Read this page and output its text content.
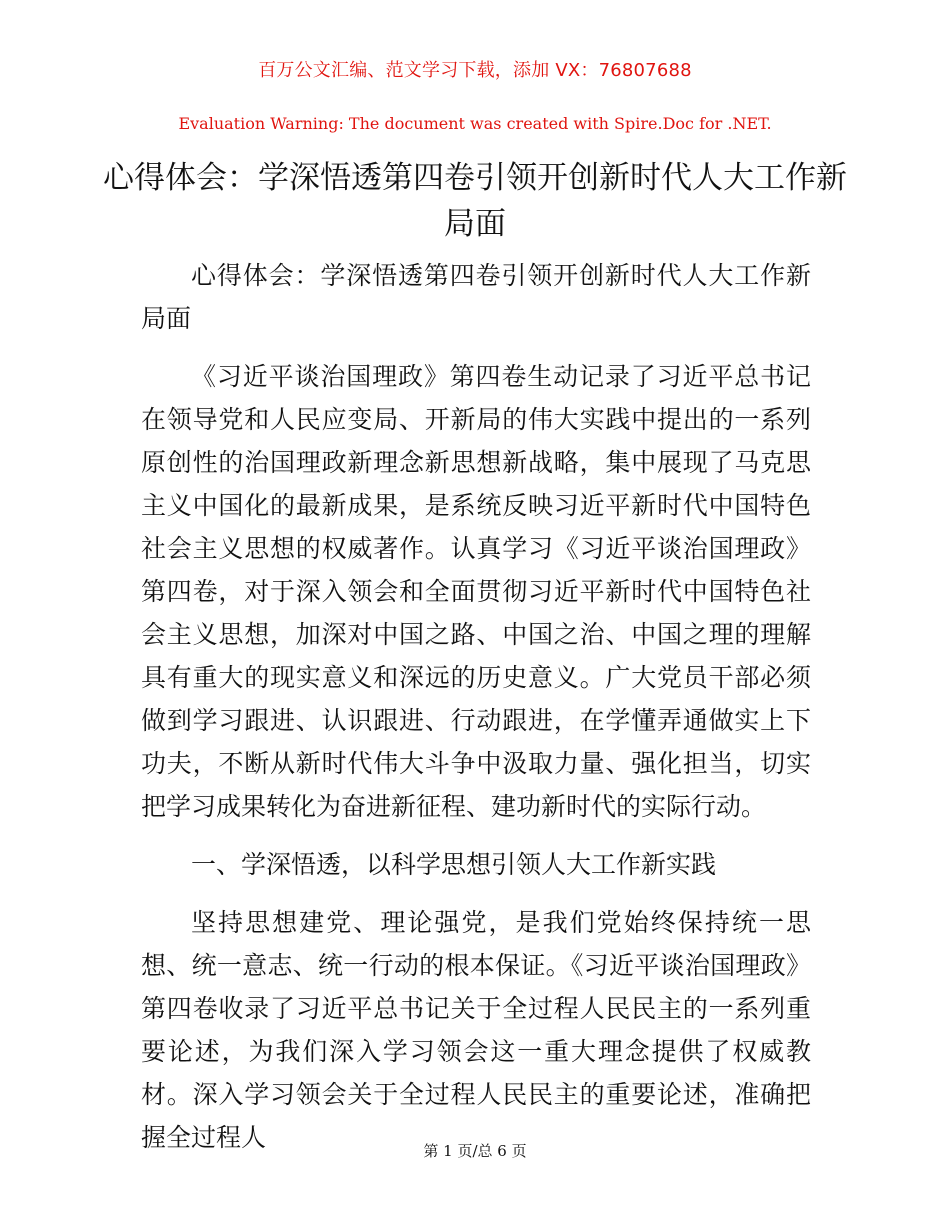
百万公文汇编、范文学习下载，添加 VX：76807688
Evaluation Warning: The document was created with Spire.Doc for .NET.
心得体会：学深悟透第四卷引领开创新时代人大工作新局面

心得体会：学深悟透第四卷引领开创新时代人大工作新局面

《习近平谈治国理政》第四卷生动记录了习近平总书记在领导党和人民应变局、开新局的伟大实践中提出的一系列原创性的治国理政新理念新思想新战略，集中展现了马克思主义中国化的最新成果，是系统反映习近平新时代中国特色社会主义思想的权威著作。认真学习《习近平谈治国理政》第四卷，对于深入领会和全面贯彻习近平新时代中国特色社会主义思想，加深对中国之路、中国之治、中国之理的理解具有重大的现实意义和深远的历史意义。广大党员干部必须做到学习跟进、认识跟进、行动跟进，在学懂弄通做实上下功夫，不断从新时代伟大斗争中汲取力量、强化担当，切实把学习成果转化为奋进新征程、建功新时代的实际行动。

一、学深悟透，以科学思想引领人大工作新实践

坚持思想建党、理论强党，是我们党始终保持统一思想、统一意志、统一行动的根本保证。《习近平谈治国理政》第四卷收录了习近平总书记关于全过程人民民主的一系列重要论述，为我们深入学习领会这一重大理念提供了权威教材。深入学习领会关于全过程人民民主的重要论述，准确把握全过程人	第 1 页/总 6 页
